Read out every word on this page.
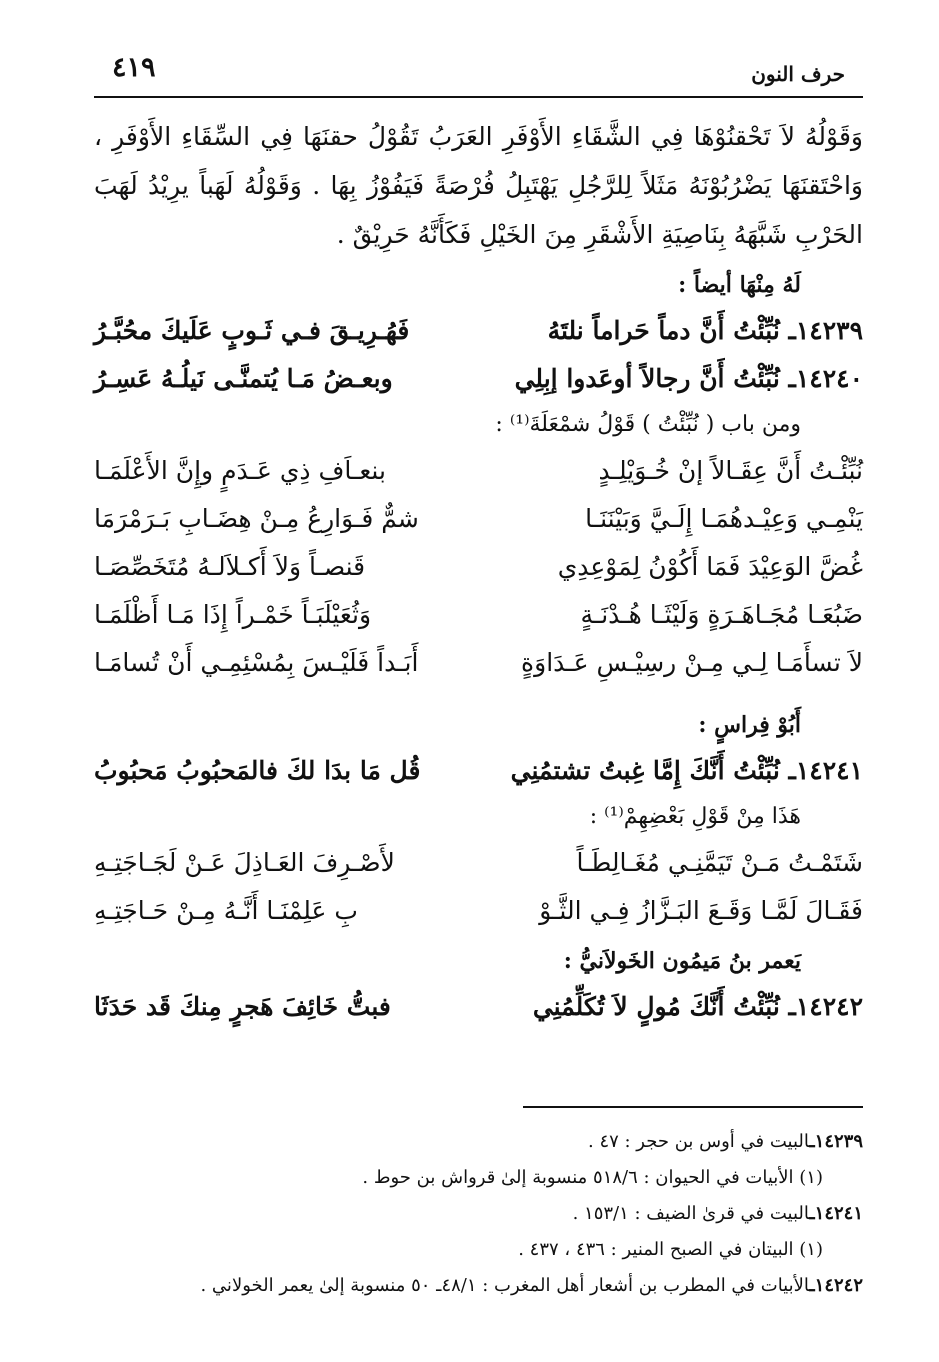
٤١٩	حرف النون

وَقَوْلُهُ لاَ تَحْقنُوْهَا فِي الشَّقَاءِ الأَوْفَرِ العَرَبُ تَقُوْلُ حقنَهَا فِي السِّقَاءِ الأَوْفَرِ ، وَاحْتَقنَهَا يَضْرُبُوْنَهُ مَثَلاً لِلرَّجُلِ يَهْتَبِلُ فُرْصَةً فَيَفُوْزُ بِهَا . وَقَوْلُهُ لَهَباً يرِيْدُ لَهَبَ الحَرْبِ شَبَّهَهُ بِنَاصِيَةِ الأَشْقَرِ مِنَ الخَيْلِ فَكَأَنَّهُ حَرِيْقٌ .

لَهُ مِنْهَا أيضاً :

١٤٢٣٩ـ نُبِّئْتُ أَنَّ دماً حَراماً نلتَهُ
فَهُـرِيـقَ فـي ثَـوبٍ عَلَيكَ محُبَّـرُ
١٤٢٤٠ـ نُبِّئْتُ أَنَّ رجالاً أوعَدوا إبِلِي
وبعـضُ مَـا يُتمنَّـى نَيلُـهُ عَسِـرُ

ومن باب ( نُبِّئْتُ ) قَوْلُ شمْعَلَةَ⁽¹⁾ :

نُبِّئْـتُ أَنَّ عِقَـالاً إنْ خُـوَيْلِـدٍ
بنعـاَفِ ذِي عَـدَمٍ وإِنَّ الأَعْلَمَـا
يَنْمِـي وَعِيْـدهُمَـا إِلَـيَّ وَبَيْنَنَـا
شمٌّ فَـوَارِعُ مِـنْ هِضَـابِ بَـرَمْرَمَا
غُضَّ الوَعِيْدَ فَمَا أَكُوْنُ لِمَوْعِدِي
قَنصـاً وَلاَ أَكـلاَلـهُ مُتَخَصِّصَـا
ضَبُعَـا مُجَـاهَـرَةٍ وَلَيْثَـا هُـدْنَـةٍ
وَثُعَيْلَبَـاً خَمْـراً إِذَا مَـا أَظْلَمَـا
لاَ تسأَمَـا لِـي مِـنْ رسِيْـسِ عَـدَاوَةٍ
أَبَـداً فَلَيْـسَ بِمُسْئِمِـي أَنْ تُسامَـا

أَبُوْ فِراسٍ :

١٤٢٤١ـ نُبِّئْتُ أَنَّكَ إِمَّا غِبتُ تشتمُنِي
قُل مَا بدَا لكَ فالمَحبُوبُ مَحبُوبُ

هَذَا مِنْ قَوْلِ بَعْضِهِمْ⁽¹⁾ :

شَتَمْـتُ مَـنْ تَيَمَّنِـي مُغَـالِطَـاً
لأَصْـرِفَ العَـاذِلَ عَـنْ لَجَـاجَتِـهِ
فَقَـالَ لَمَّـا وَقَـعَ البَـزَّازُ فِـي الثَّـوْ
بِ عَلِمْنَـا أَنَّـهُ مِـنْ حَـاجَتِـهِ

يَعمر بنُ مَيمُون الخَولاَنيُّ :

١٤٢٤٢ـ نُبِّئْتُ أَنَّكَ مُولٍ لاَ تُكَلِّمُنِي
فبتُّ خَائِفَ هَجرٍ مِنكَ قَد حَدَثَا

١٤٢٣٩ـالبيت في أوس بن حجر : ٤٧ .

(١) الأبيات في الحيوان : ٥١٨/٦ منسوبة إلىٰ قرواش بن حوط .

١٤٢٤١ـالبيت في قرىٰ الضيف : ١٥٣/١ .

(١) البيتان في الصبح المنير : ٤٣٦ ، ٤٣٧ .

١٤٢٤٢ـالأبيات في المطرب بن أشعار أهل المغرب : ٤٨/١ـ ٥٠ منسوبة إلىٰ يعمر الخولاني .
